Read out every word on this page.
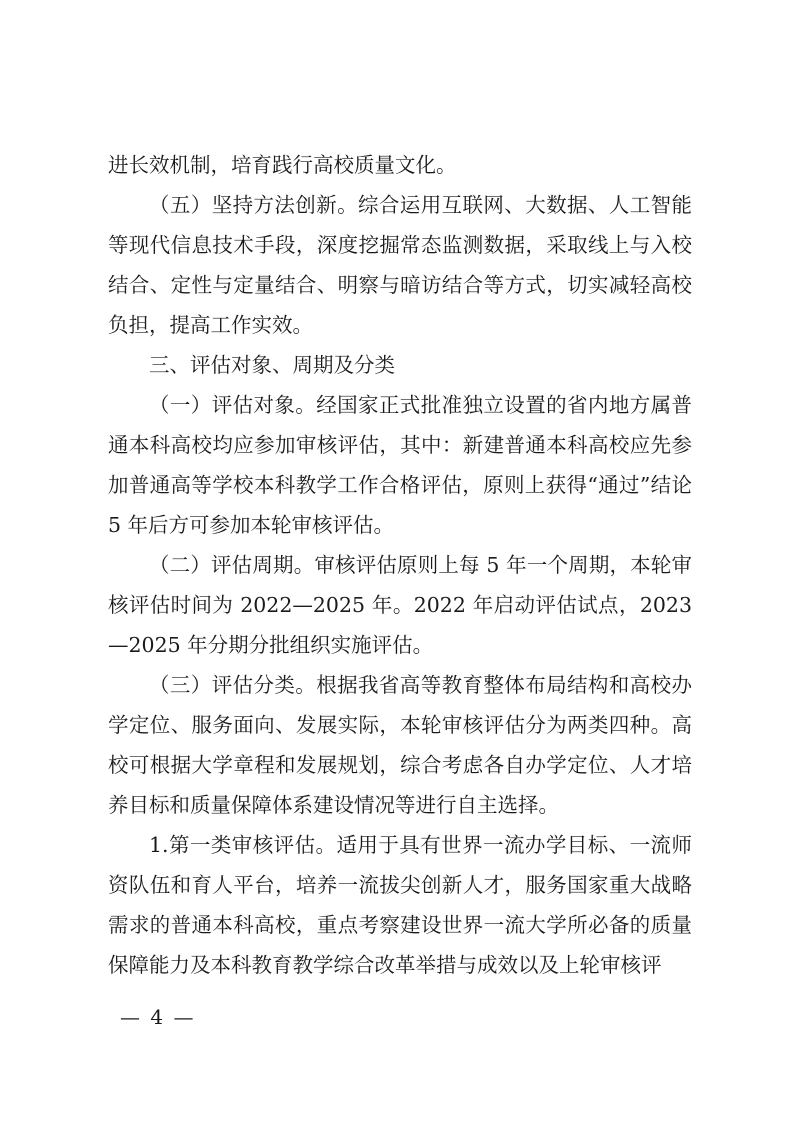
进长效机制，培育践行高校质量文化。

（五）坚持方法创新。综合运用互联网、大数据、人工智能等现代信息技术手段，深度挖掘常态监测数据，采取线上与入校结合、定性与定量结合、明察与暗访结合等方式，切实减轻高校负担，提高工作实效。

三、评估对象、周期及分类

（一）评估对象。经国家正式批准独立设置的省内地方属普通本科高校均应参加审核评估，其中：新建普通本科高校应先参加普通高等学校本科教学工作合格评估，原则上获得“通过”结论 5 年后方可参加本轮审核评估。

（二）评估周期。审核评估原则上每 5 年一个周期，本轮审核评估时间为 2022—2025 年。2022 年启动评估试点，2023—2025 年分期分批组织实施评估。

（三）评估分类。根据我省高等教育整体布局结构和高校办学定位、服务面向、发展实际，本轮审核评估分为两类四种。高校可根据大学章程和发展规划，综合考虑各自办学定位、人才培养目标和质量保障体系建设情况等进行自主选择。

1.第一类审核评估。适用于具有世界一流办学目标、一流师资队伍和育人平台，培养一流拔尖创新人才，服务国家重大战略需求的普通本科高校，重点考察建设世界一流大学所必备的质量保障能力及本科教育教学综合改革举措与成效以及上轮审核评

— 4 —
